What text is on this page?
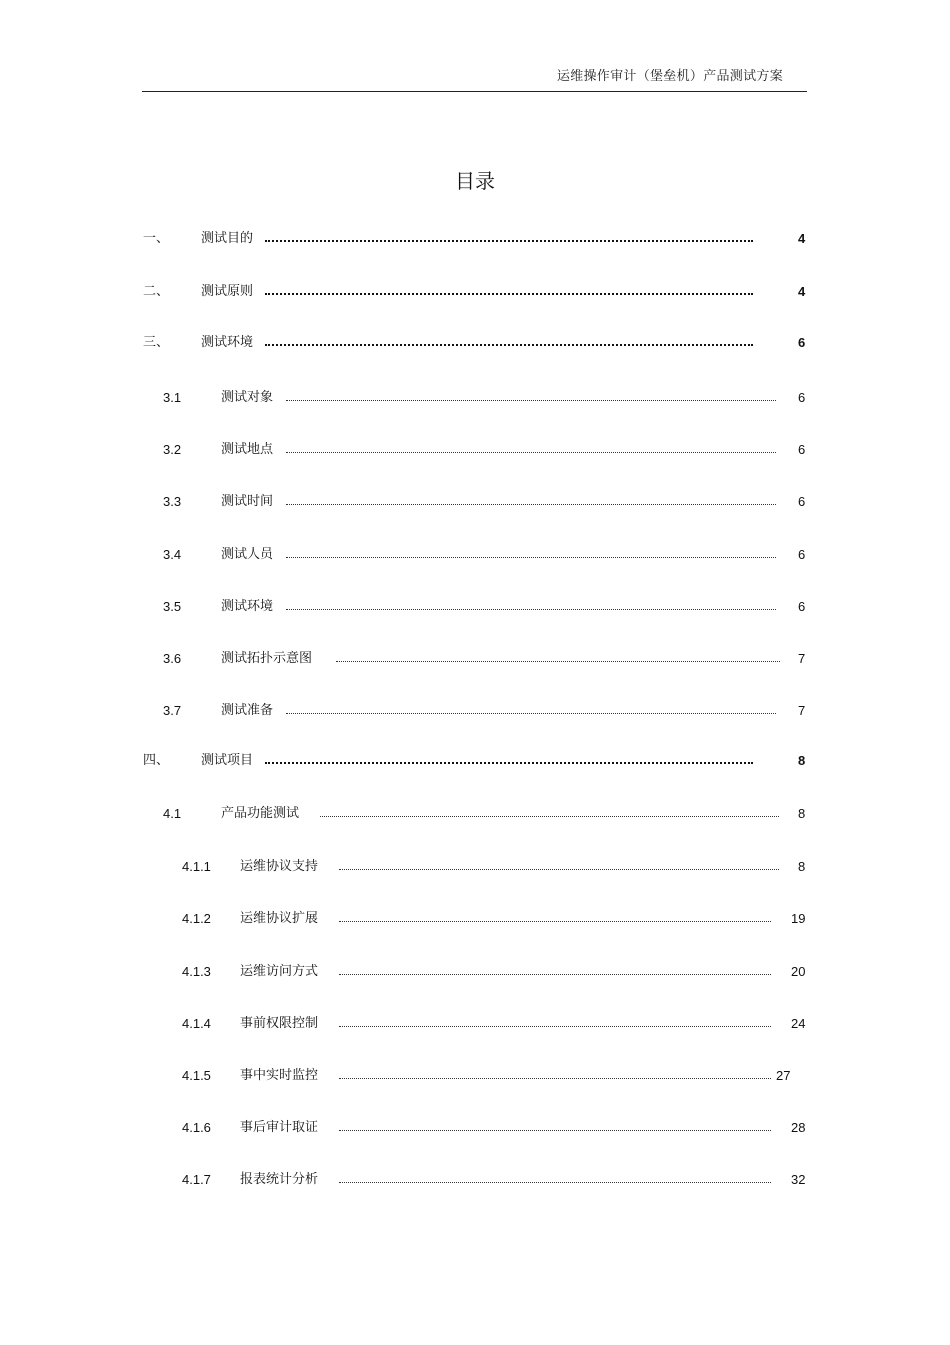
运维操作审计（堡垒机）产品测试方案
目录
一、 测试目的	4
二、 测试原则	4
三、 测试环境	6
3.1	测试对象	6
3.2	测试地点	6
3.3	测试时间	6
3.4	测试人员	6
3.5	测试环境	6
3.6	测试拓扑示意图	7
3.7	测试准备	7
四、 测试项目	8
4.1	产品功能测试	8
4.1.1 运维协议支持	8
4.1.2 运维协议扩展	19
4.1.3 运维访问方式	20
4.1.4 事前权限控制	24
4.1.5 事中实时监控	27
4.1.6 事后审计取证	28
4.1.7 报表统计分析	32
